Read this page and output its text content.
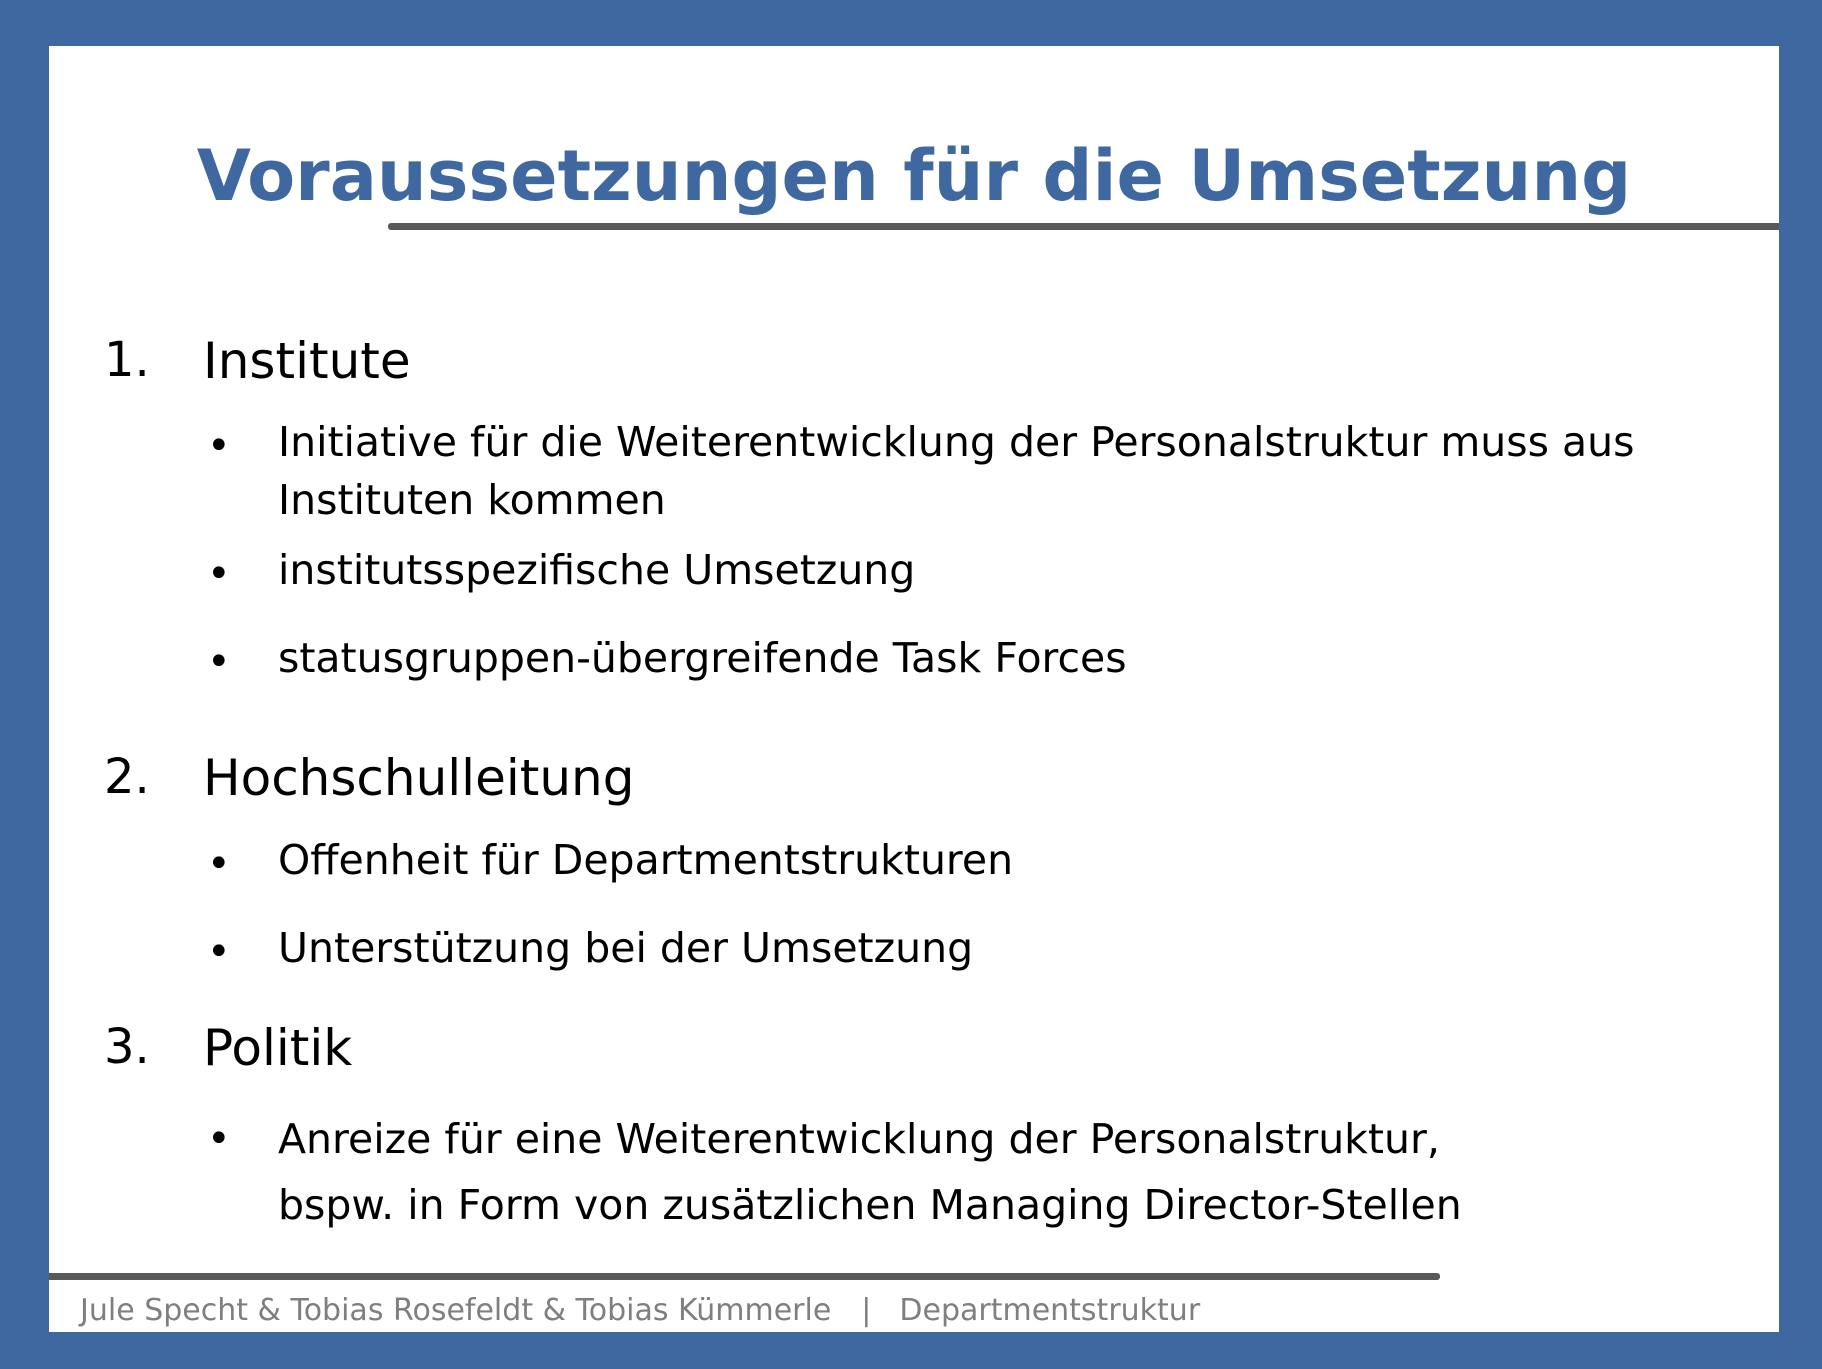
Voraussetzungen für die Umsetzung
1. Institute
• Initiative für die Weiterentwicklung der Personalstruktur muss aus Instituten kommen
• institutsspezifische Umsetzung
• statusgruppen-übergreifende Task Forces
2. Hochschulleitung
• Offenheit für Departmentstrukturen
• Unterstützung bei der Umsetzung
3. Politik
• Anreize für eine Weiterentwicklung der Personalstruktur,
bspw. in Form von zusätzlichen Managing Director-Stellen
Jule Specht & Tobias Rosefeldt & Tobias Kümmerle | Departmentstruktur
